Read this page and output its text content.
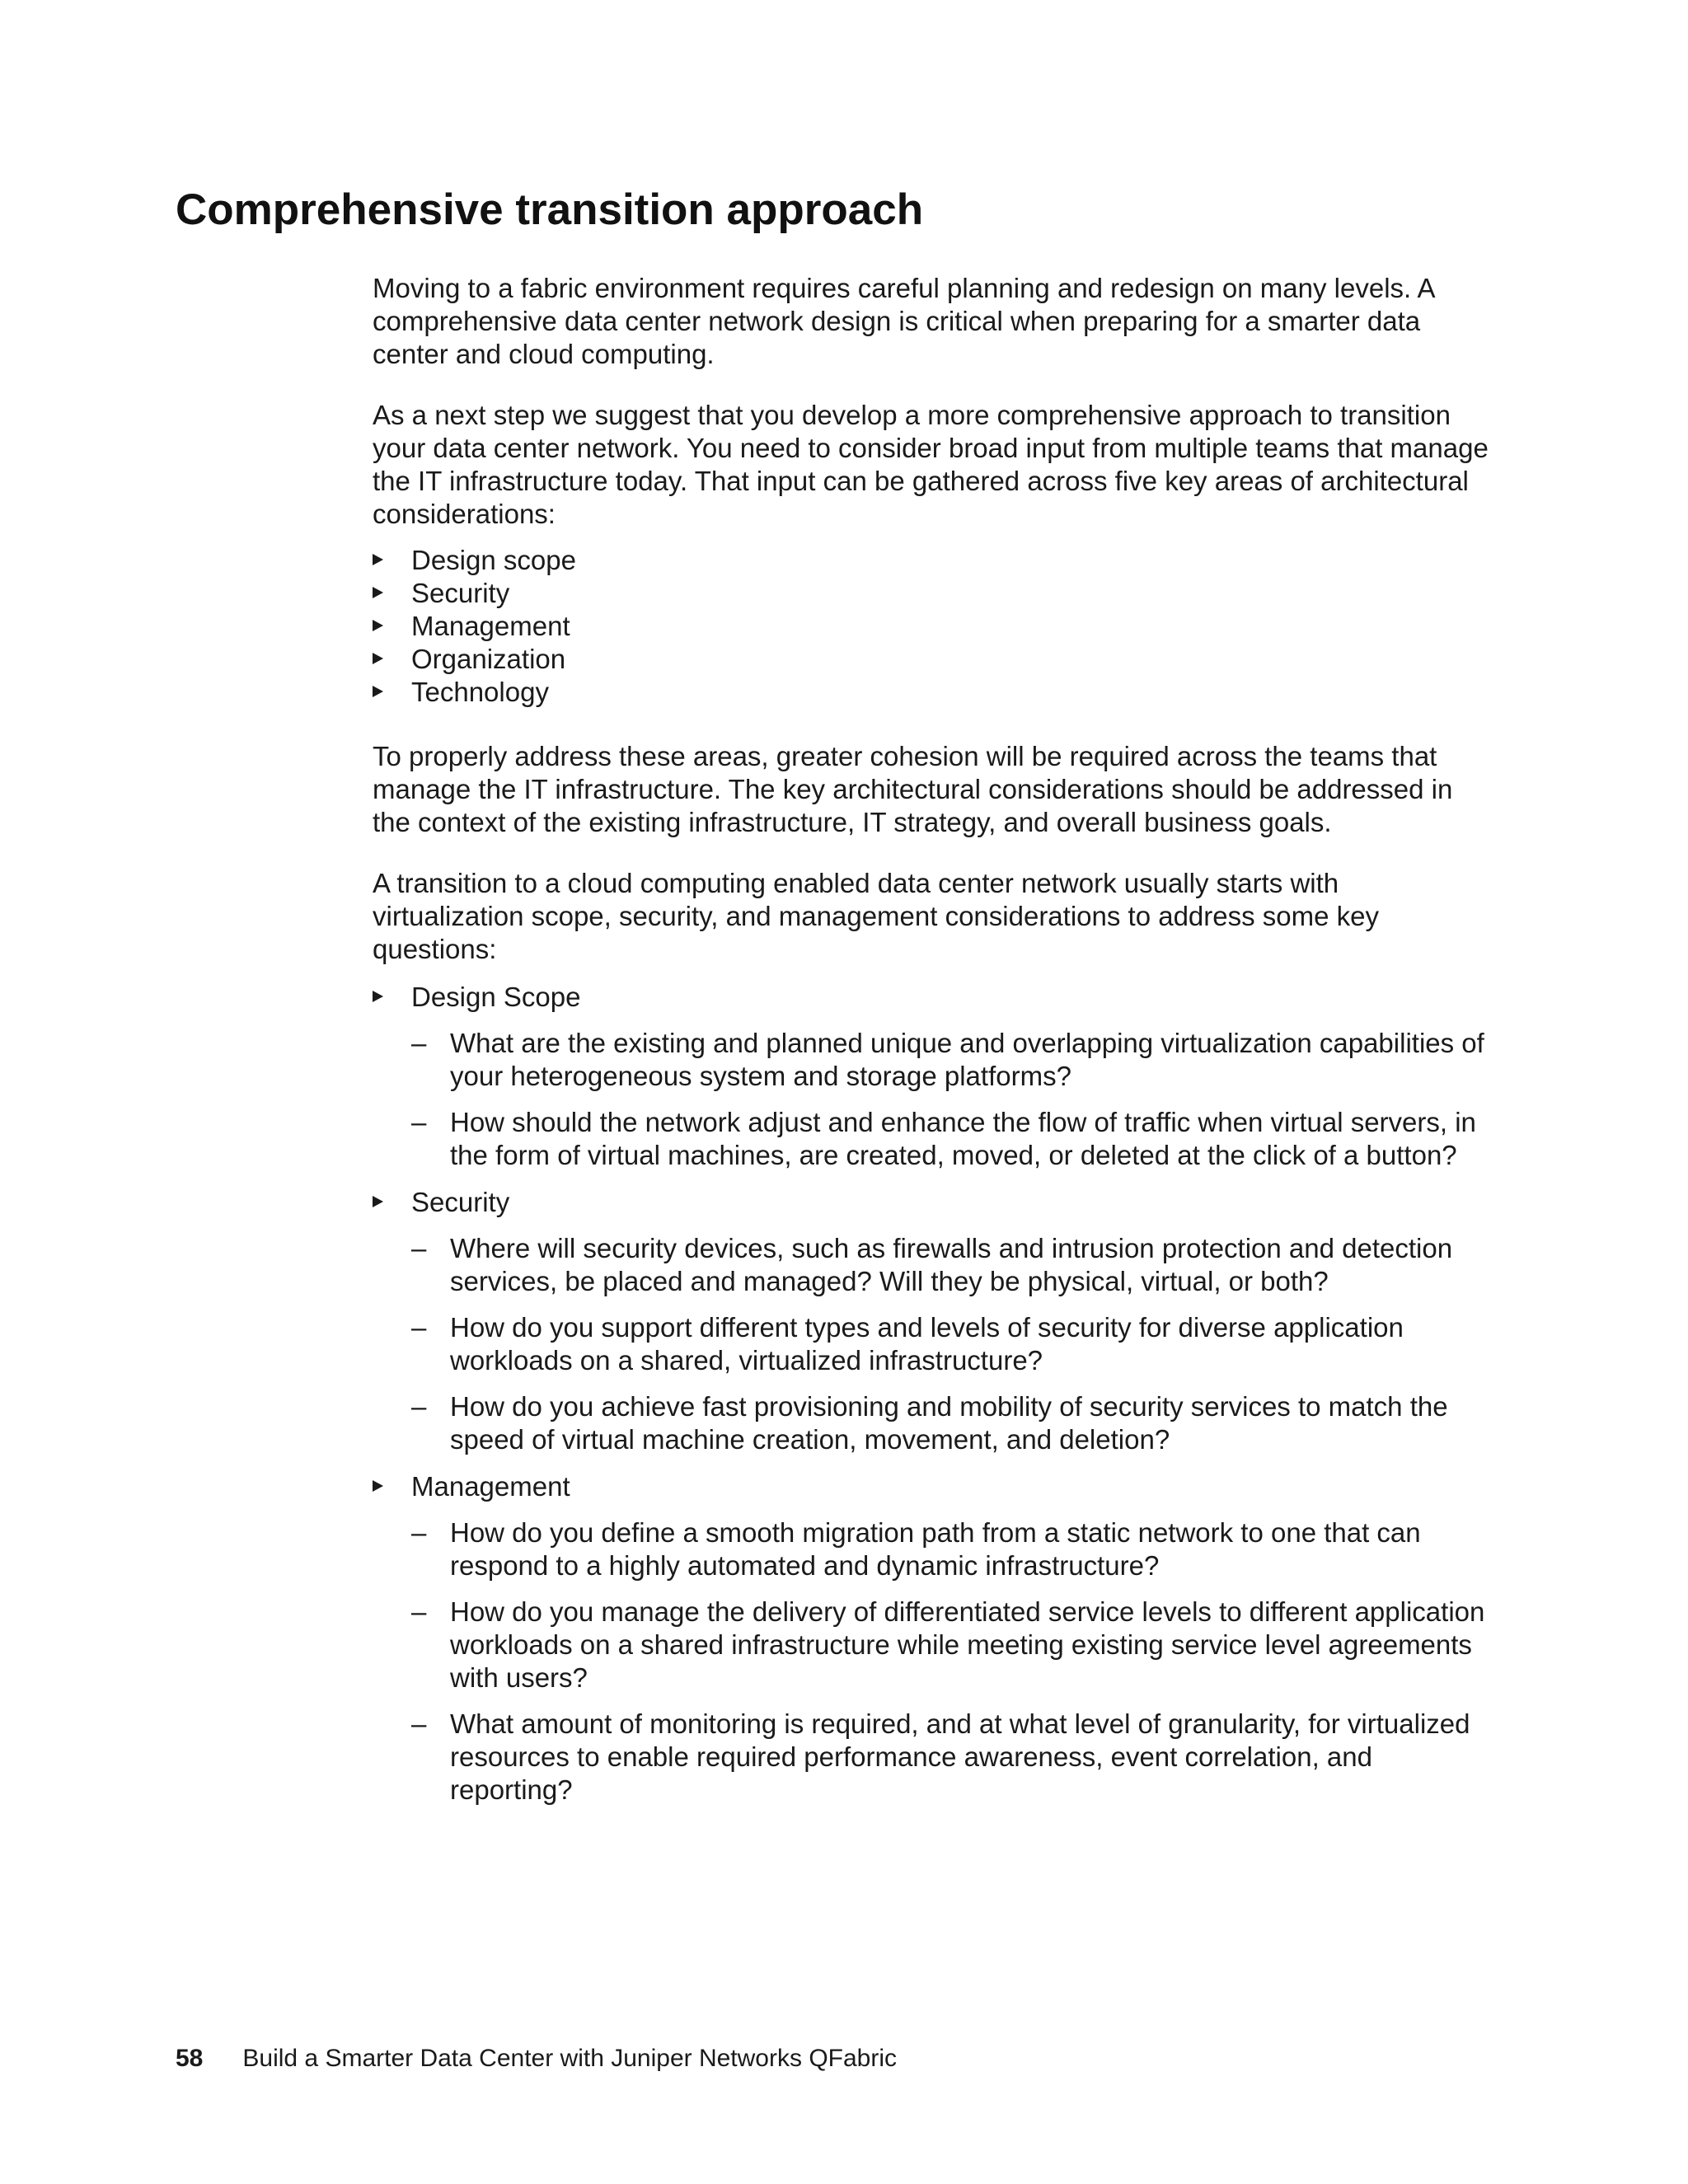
Comprehensive transition approach

Moving to a fabric environment requires careful planning and redesign on many levels. A comprehensive data center network design is critical when preparing for a smarter data center and cloud computing.

As a next step we suggest that you develop a more comprehensive approach to transition your data center network. You need to consider broad input from multiple teams that manage the IT infrastructure today. That input can be gathered across five key areas of architectural considerations:

Design scope
Security
Management
Organization
Technology

To properly address these areas, greater cohesion will be required across the teams that manage the IT infrastructure. The key architectural considerations should be addressed in the context of the existing infrastructure, IT strategy, and overall business goals.

A transition to a cloud computing enabled data center network usually starts with virtualization scope, security, and management considerations to address some key questions:

Design Scope
– What are the existing and planned unique and overlapping virtualization capabilities of your heterogeneous system and storage platforms?
– How should the network adjust and enhance the flow of traffic when virtual servers, in the form of virtual machines, are created, moved, or deleted at the click of a button?
Security
– Where will security devices, such as firewalls and intrusion protection and detection services, be placed and managed? Will they be physical, virtual, or both?
– How do you support different types and levels of security for diverse application workloads on a shared, virtualized infrastructure?
– How do you achieve fast provisioning and mobility of security services to match the speed of virtual machine creation, movement, and deletion?
Management
– How do you define a smooth migration path from a static network to one that can respond to a highly automated and dynamic infrastructure?
– How do you manage the delivery of differentiated service levels to different application workloads on a shared infrastructure while meeting existing service level agreements with users?
– What amount of monitoring is required, and at what level of granularity, for virtualized resources to enable required performance awareness, event correlation, and reporting?
58 Build a Smarter Data Center with Juniper Networks QFabric
